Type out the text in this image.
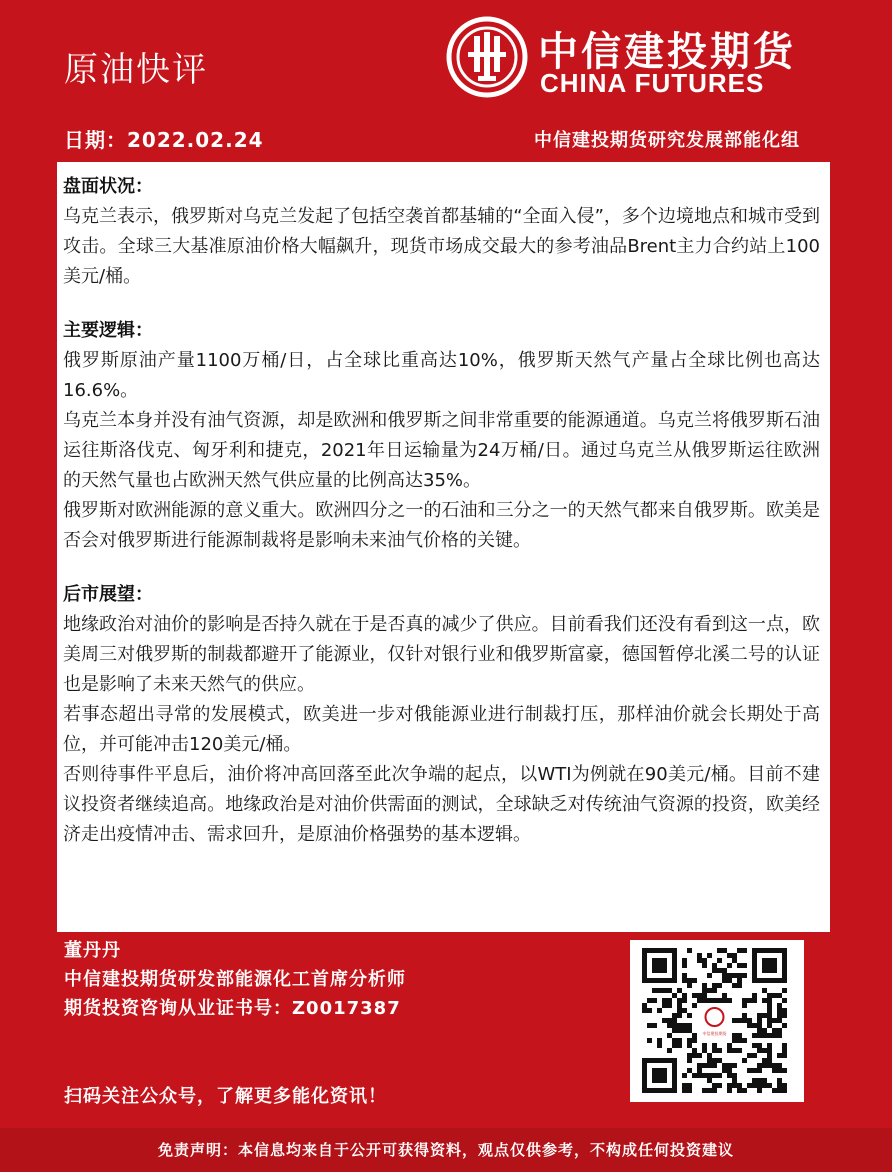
原油快评	中信建投期货
CHINA FUTURES
日期：2022.02.24	中信建投期货研究发展部能化组
盘面状况：
乌克兰表示，俄罗斯对乌克兰发起了包括空袭首都基辅的“全面入侵”，多个边境地点和城市受到攻击。全球三大基准原油价格大幅飙升，现货市场成交最大的参考油品Brent主力合约站上100美元/桶。
主要逻辑：
俄罗斯原油产量1100万桶/日，占全球比重高达10%，俄罗斯天然气产量占全球比例也高达16.6%。
乌克兰本身并没有油气资源，却是欧洲和俄罗斯之间非常重要的能源通道。乌克兰将俄罗斯石油运往斯洛伐克、匈牙利和捷克，2021年日运输量为24万桶/日。通过乌克兰从俄罗斯运往欧洲的天然气量也占欧洲天然气供应量的比例高达35%。
俄罗斯对欧洲能源的意义重大。欧洲四分之一的石油和三分之一的天然气都来自俄罗斯。欧美是否会对俄罗斯进行能源制裁将是影响未来油气价格的关键。
后市展望：
地缘政治对油价的影响是否持久就在于是否真的减少了供应。目前看我们还没有看到这一点，欧美周三对俄罗斯的制裁都避开了能源业，仅针对银行业和俄罗斯富豪，德国暂停北溪二号的认证也是影响了未来天然气的供应。
若事态超出寻常的发展模式，欧美进一步对俄能源业进行制裁打压，那样油价就会长期处于高位，并可能冲击120美元/桶。
否则待事件平息后，油价将冲高回落至此次争端的起点，以WTI为例就在90美元/桶。目前不建议投资者继续追高。地缘政治是对油价供需面的测试，全球缺乏对传统油气资源的投资，欧美经济走出疫情冲击、需求回升，是原油价格强势的基本逻辑。
董丹丹
中信建投期货研发部能源化工首席分析师
期货投资咨询从业证书号：Z0017387
中信建投期货
扫码关注公众号，了解更多能化资讯！
免责声明：本信息均来自于公开可获得资料，观点仅供参考，不构成任何投资建议
